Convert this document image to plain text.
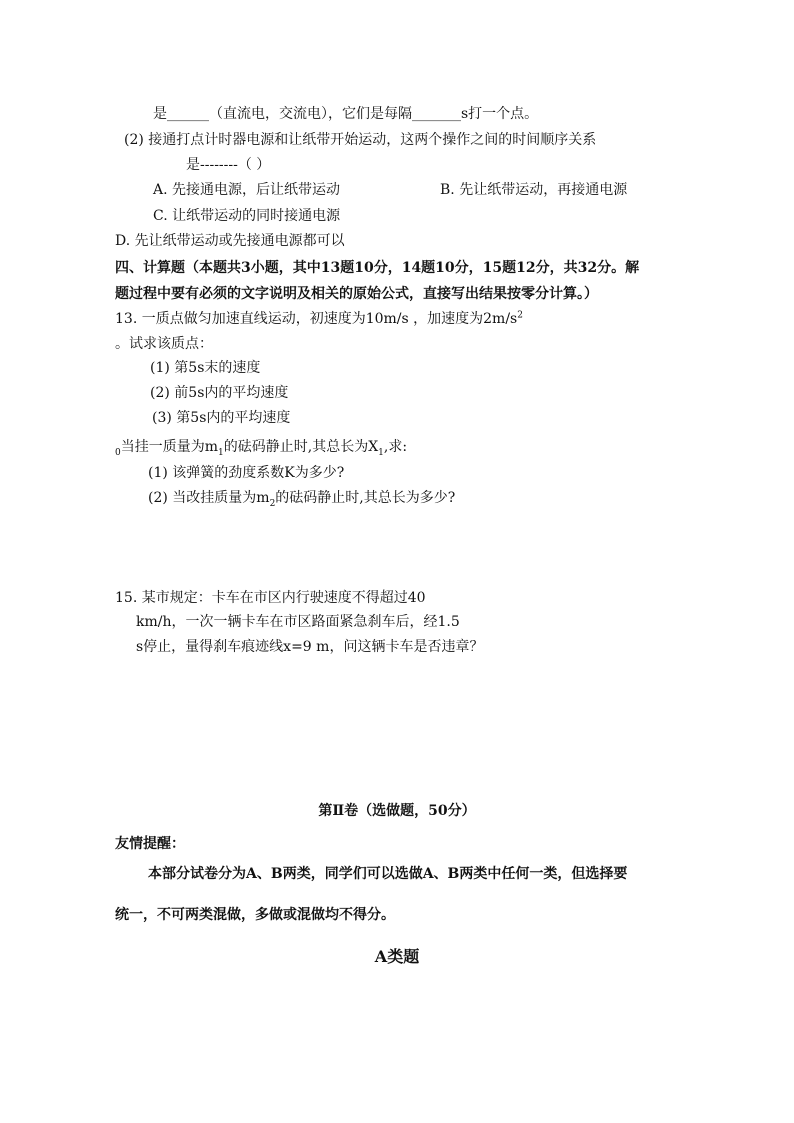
是______（直流电，交流电），它们是每隔_______s打一个点。
(2) 接通打点计时器电源和让纸带开始运动，这两个操作之间的时间顺序关系
是--------（ ）
A. 先接通电源，后让纸带运动	B. 先让纸带运动，再接通电源
C. 让纸带运动的同时接通电源
D. 先让纸带运动或先接通电源都可以
四、计算题（本题共3小题，其中13题10分，14题10分，15题12分，共32分。解
题过程中要有必须的文字说明及相关的原始公式，直接写出结果按零分计算。）
13. 一质点做匀加速直线运动，初速度为10m/s ，加速度为$2m/s^2$
。试求该质点：
(1) 第5s末的速度
(2) 前5s内的平均速度
(3) 第5s内的平均速度
$_0$当挂一质量为$m_1$的砝码静止时,其总长为$X_1$,求:
(1) 该弹簧的劲度系数K为多少?
(2) 当改挂质量为$m_2$的砝码静止时,其总长为多少?
15. 某市规定：卡车在市区内行驶速度不得超过40
km/h，一次一辆卡车在市区路面紧急刹车后，经1.5
s停止，量得刹车痕迹线x=9 m，问这辆卡车是否违章？
第Ⅱ卷（选做题，50分）
友情提醒：
本部分试卷分为A、B两类，同学们可以选做A、B两类中任何一类，但选择要
统一，不可两类混做，多做或混做均不得分。
A类题
